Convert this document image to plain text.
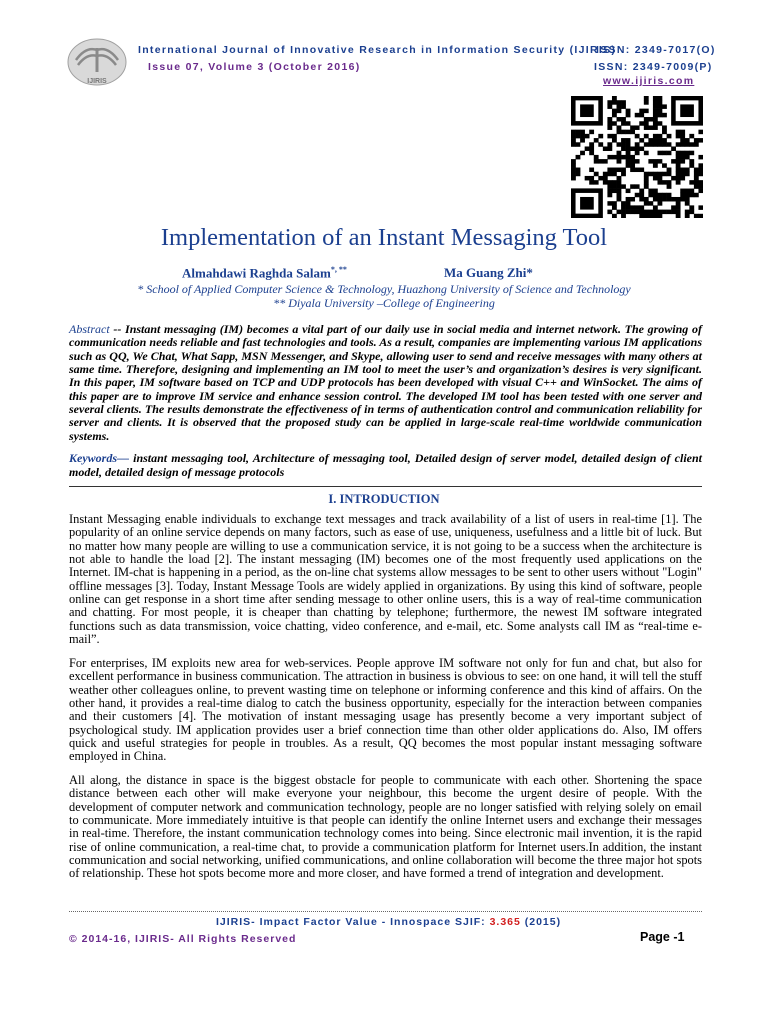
IJIRIS
International Journal of Innovative Research in Information Security (IJIRIS)
ISSN: 2349-7017(O)
Issue 07, Volume 3 (October 2016)	ISSN: 2349-7009(P)
www.ijiris.com
Implementation of an Instant Messaging Tool
Almahdawi Raghda Salam*, **	Ma Guang Zhi*
* School of Applied Computer Science & Technology, Huazhong University of Science and Technology
** Diyala University –College of Engineering
Abstract -- Instant messaging (IM) becomes a vital part of our daily use in social media and internet network. The growing of communication needs reliable and fast technologies and tools. As a result, companies are implementing various IM applications such as QQ, We Chat, What Sapp, MSN Messenger, and Skype, allowing user to send and receive messages with many others at same time. Therefore, designing and implementing an IM tool to meet the user’s and organization’s desires is very significant. In this paper, IM software based on TCP and UDP protocols has been developed with visual C++ and WinSocket. The aims of this paper are to improve IM service and enhance session control. The developed IM tool has been tested with one server and several clients. The results demonstrate the effectiveness of in terms of authentication control and communication reliability for server and clients. It is observed that the proposed study can be applied in large-scale real-time worldwide communication systems.
Keywords— instant messaging tool, Architecture of messaging tool, Detailed design of server model, detailed design of client model, detailed design of message protocols
I. INTRODUCTION
Instant Messaging enable individuals to exchange text messages and track availability of a list of users in real-time [1]. The popularity of an online service depends on many factors, such as ease of use, uniqueness, usefulness and a little bit of luck. But no matter how many people are willing to use a communication service, it is not going to be a success when the architecture is not able to handle the load [2]. The instant messaging (IM) becomes one of the most frequently used applications on the Internet. IM-chat is happening in a period, as the on-line chat systems allow messages to be sent to other users without "Login" offline messages [3]. Today, Instant Message Tools are widely applied in organizations. By using this kind of software, people online can get response in a short time after sending message to other online users, this is a way of real-time communication and chatting. For most people, it is cheaper than chatting by telephone; furthermore, the newest IM software integrated functions such as data transmission, voice chatting, video conference, and e-mail, etc. Some analysts call IM as “real-time e-mail”.
For enterprises, IM exploits new area for web-services. People approve IM software not only for fun and chat, but also for excellent performance in business communication. The attraction in business is obvious to see: on one hand, it will tell the stuff weather other colleagues online, to prevent wasting time on telephone or informing conference and this kind of affairs. On the other hand, it provides a real-time dialog to catch the business opportunity, especially for the interaction between companies and their customers [4]. The motivation of instant messaging usage has presently become a very important subject of psychological study. IM application provides user a brief connection time than other older applications do. Also, IM offers quick and useful strategies for people in troubles. As a result, QQ becomes the most popular instant messaging software employed in China.
All along, the distance in space is the biggest obstacle for people to communicate with each other. Shortening the space distance between each other will make everyone your neighbour, this become the urgent desire of people. With the development of computer network and communication technology, people are no longer satisfied with relying solely on email to communicate. More immediately intuitive is that people can identify the online Internet users and exchange their messages in real-time. Therefore, the instant communication technology comes into being. Since electronic mail invention, it is the rapid rise of online communication, a real-time chat, to provide a communication platform for Internet users.In addition, the instant communication and social networking, unified communications, and online collaboration will become the three major hot spots of relationship. These hot spots become more and more closer, and have formed a trend of integration and development.
IJIRIS- Impact Factor Value - Innospace SJIF: 3.365 (2015)
© 2014-16, IJIRIS- All Rights Reserved	Page -1
